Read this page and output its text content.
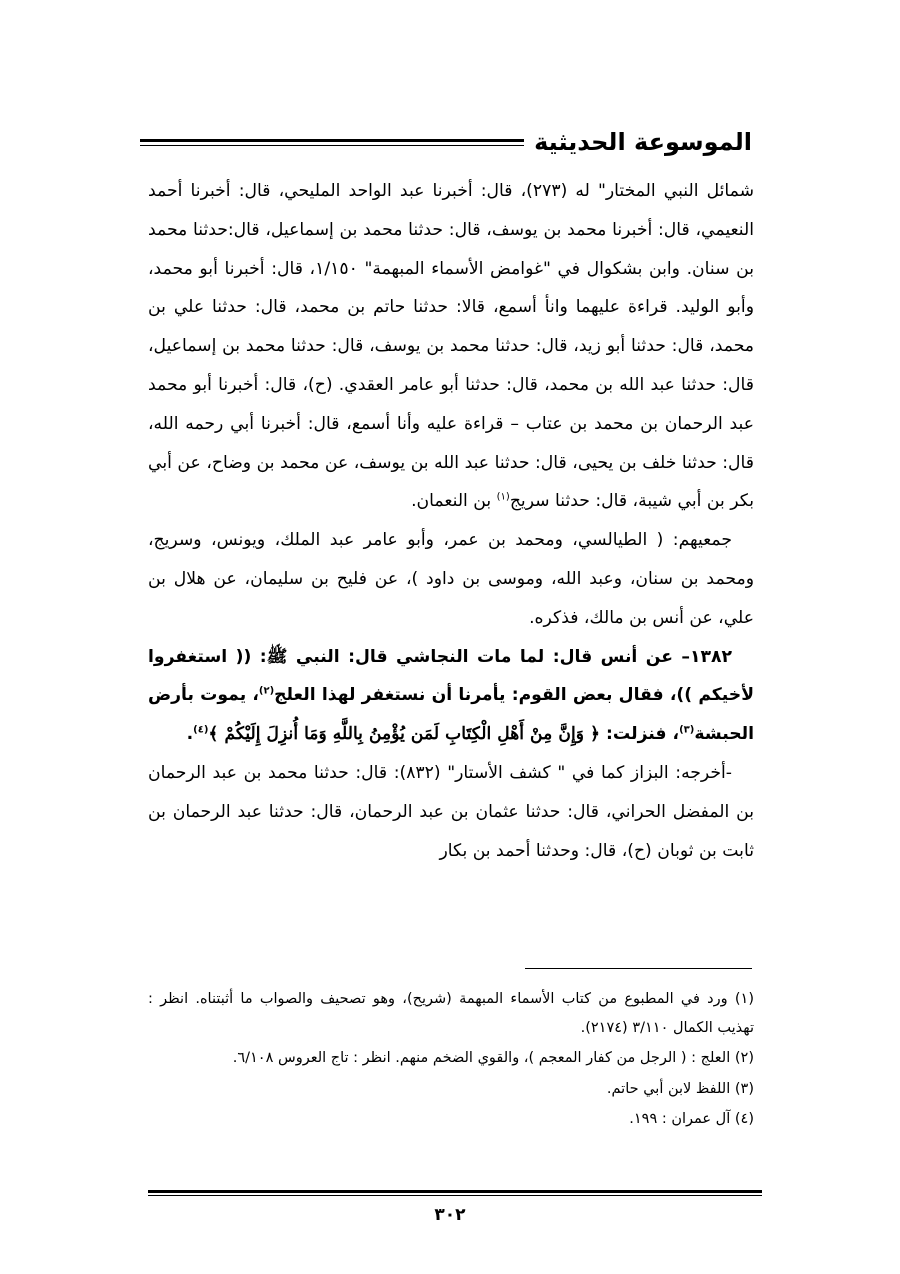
الموسوعة الحديثية

شمائل النبي المختار" له (٢٧٣)، قال: أخبرنا عبد الواحد المليحي، قال: أخبرنا أحمد النعيمي، قال: أخبرنا محمد بن يوسف، قال: حدثنا محمد بن إسماعيل، قال:حدثنا محمد بن سنان. وابن بشكوال في "غوامض الأسماء المبهمة" ١/١٥٠، قال: أخبرنا أبو محمد، وأبو الوليد. قراءة عليهما وانأ أسمع، قالا: حدثنا حاتم بن محمد، قال: حدثنا علي بن محمد، قال: حدثنا أبو زيد، قال: حدثنا محمد بن يوسف، قال: حدثنا محمد بن إسماعيل، قال: حدثنا عبد الله بن محمد، قال: حدثنا أبو عامر العقدي. (ح)، قال: أخبرنا أبو محمد عبد الرحمان بن محمد بن عتاب – قراءة عليه وأنا أسمع، قال: أخبرنا أبي رحمه الله، قال: حدثنا خلف بن يحيى، قال: حدثنا عبد الله بن يوسف، عن محمد بن وضاح، عن أبي بكر بن أبي شيبة، قال: حدثنا سريج$^{(١)}$ بن النعمان.

جمعيهم: ( الطيالسي، ومحمد بن عمر، وأبو عامر عبد الملك، ويونس، وسريج، ومحمد بن سنان، وعبد الله، وموسى بن داود )، عن فليح بن سليمان، عن هلال بن علي، عن أنس بن مالك، فذكره.

١٣٨٢– عن أنس قال: لما مات النجاشي قال: النبي ﷺ: (( استغفروا لأخيكم ))، فقال بعض القوم: يأمرنا أن نستغفر لهذا العلج$^{(٢)}$، يموت بأرض الحبشة$^{(٣)}$، فنزلت: ﴿ وَإِنَّ مِنْ أَهْلِ الْكِتَابِ لَمَن يُؤْمِنُ بِاللَّهِ وَمَا أُنزِلَ إِلَيْكُمْ ﴾$^{(٤)}$.

-أخرجه: البزاز كما في " كشف الأستار" (٨٣٢): قال: حدثنا محمد بن عبد الرحمان بن المفضل الحراني، قال: حدثنا عثمان بن عبد الرحمان، قال: حدثنا عبد الرحمان بن ثابت بن ثوبان (ح)، قال: وحدثنا أحمد بن بكار

(١) ورد في المطبوع من كتاب الأسماء المبهمة (شريح)، وهو تصحيف والصواب ما أثبتناه. انظر : تهذيب الكمال ٣/١١٠ (٢١٧٤).

(٢) العلج : ( الرجل من كفار المعجم )، والقوي الضخم منهم. انظر : تاج العروس ٦/١٠٨.

(٣) اللفظ لابن أبي حاتم.

(٤) آل عمران : ١٩٩.

٣٠٢
